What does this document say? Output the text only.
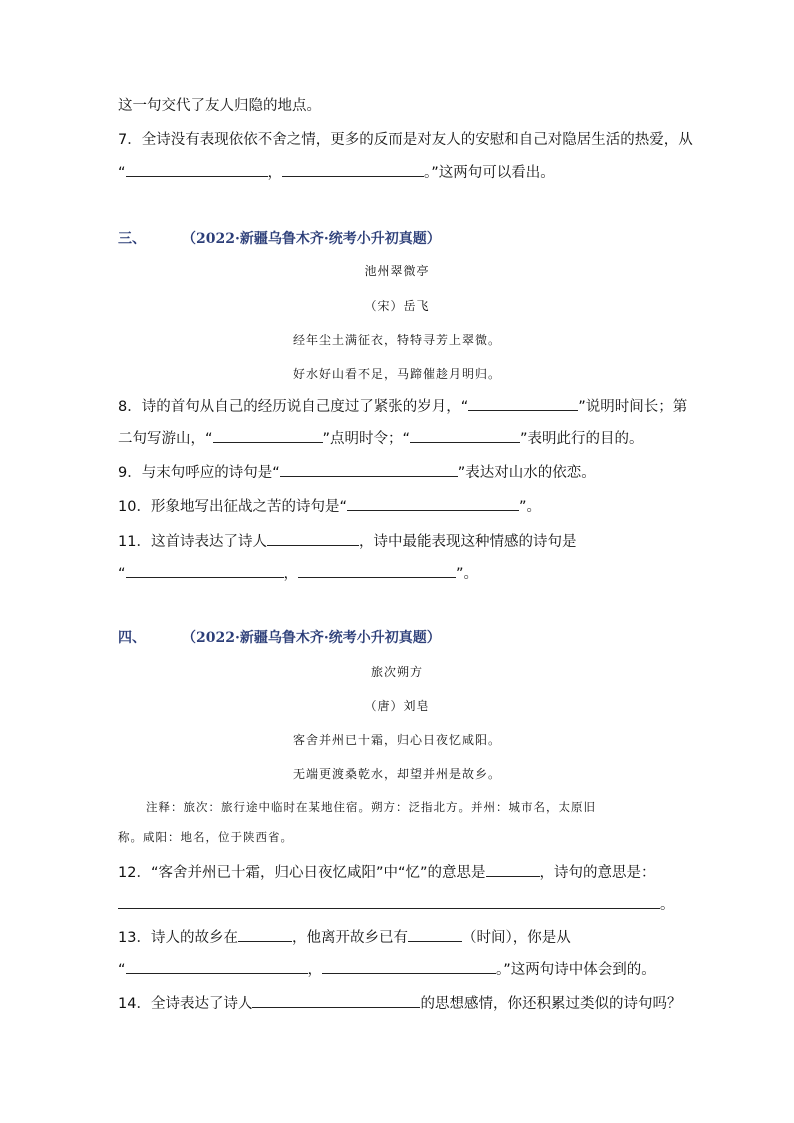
这一句交代了友人归隐的地点。
7．全诗没有表现依依不舍之情，更多的反而是对友人的安慰和自己对隐居生活的热爱，从
“	，	。”这两句可以看出。
三、	（2022·新疆乌鲁木齐·统考小升初真题）
池州翠微亭
（宋）岳飞
经年尘土满征衣，特特寻芳上翠微。
好水好山看不足，马蹄催趁月明归。
8．诗的首句从自己的经历说自己度过了紧张的岁月，“	”说明时间长；第
二句写游山，“	”点明时令；“	”表明此行的目的。
9．与末句呼应的诗句是“	”表达对山水的依恋。
10．形象地写出征战之苦的诗句是“	”。
11．这首诗表达了诗人	，诗中最能表现这种情感的诗句是
“	，	”。
四、	（2022·新疆乌鲁木齐·统考小升初真题）
旅次朔方
（唐）刘皂
客舍并州已十霜，归心日夜忆咸阳。
无端更渡桑乾水，却望并州是故乡。
注释：旅次：旅行途中临时在某地住宿。朔方：泛指北方。并州：城市名，太原旧
称。咸阳：地名，位于陕西省。
12．“客舍并州已十霜，归心日夜忆咸阳”中“忆”的意思是	，诗句的意思是：
。
13．诗人的故乡在	，他离开故乡已有	（时间），你是从
“	，	。”这两句诗中体会到的。
14．全诗表达了诗人	的思想感情，你还积累过类似的诗句吗？
